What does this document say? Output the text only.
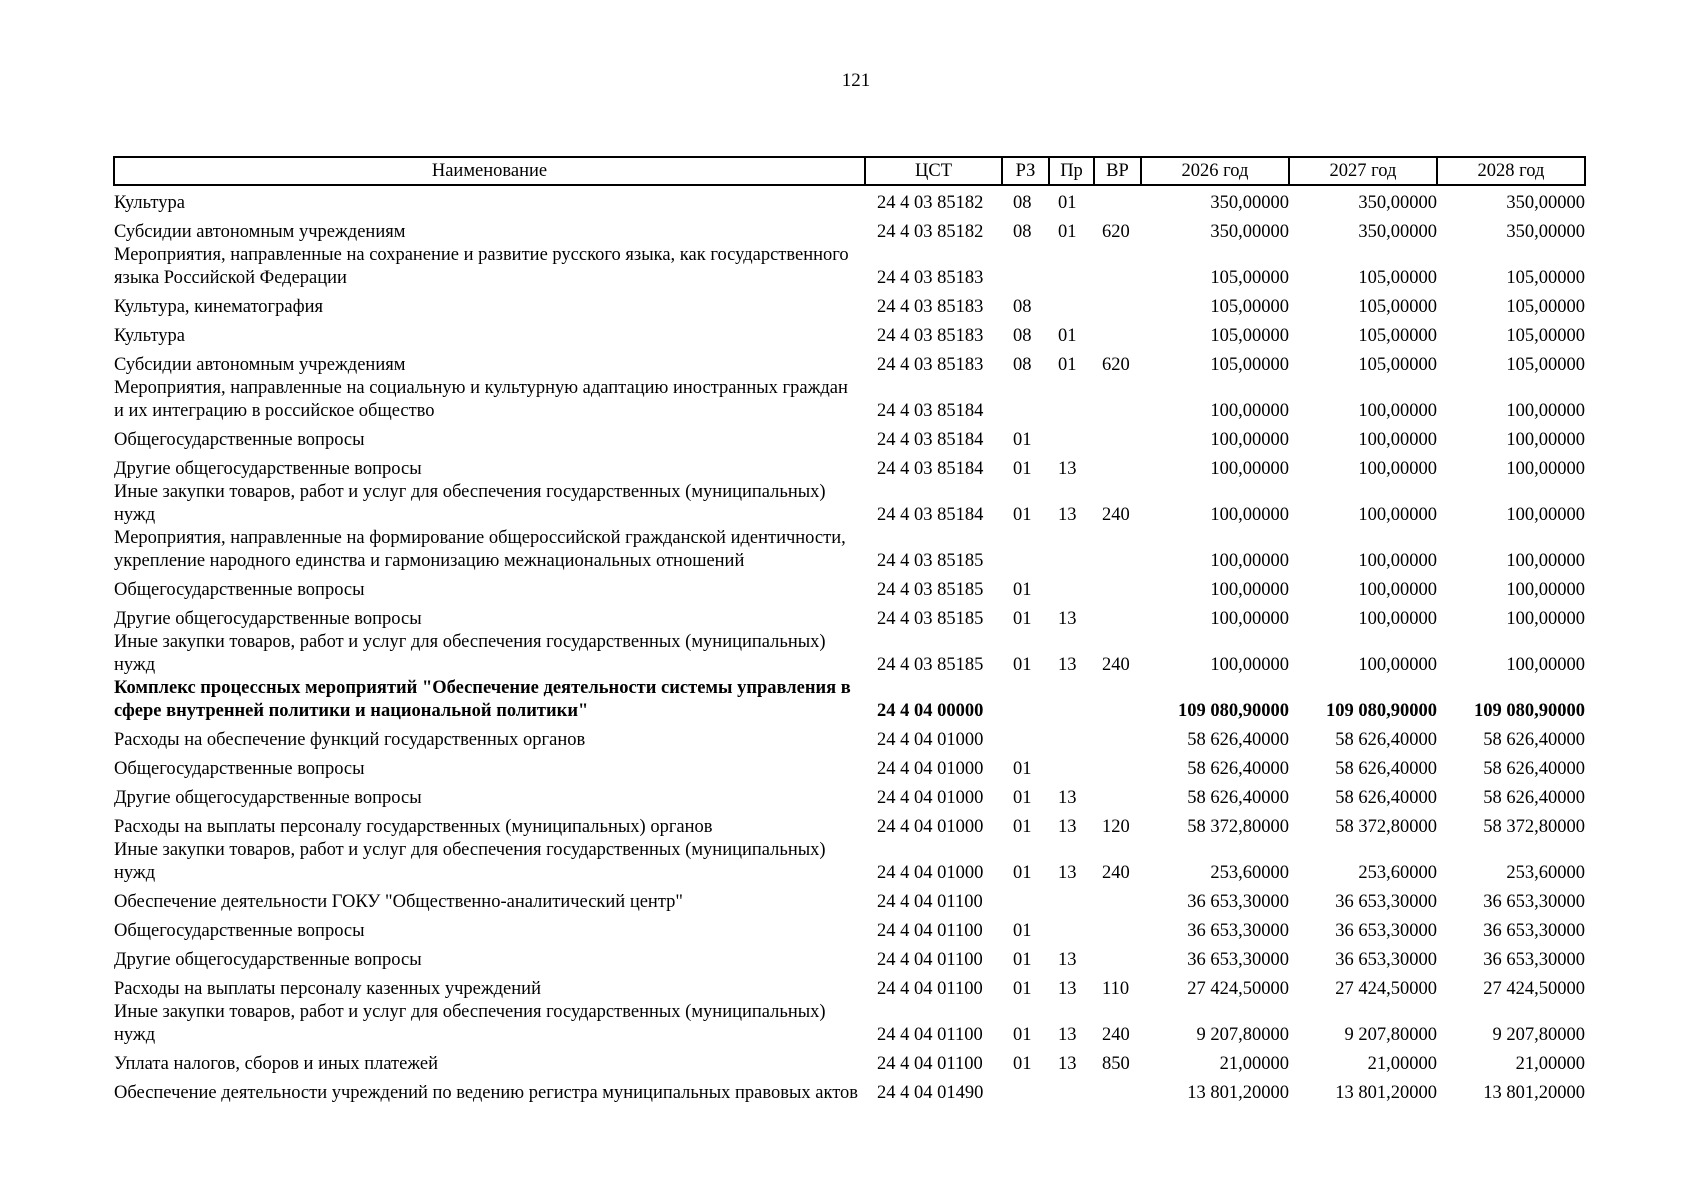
121
Наименование	ЦСТ	РЗ	Пр	ВР	2026 год	2027 год	2028 год
Культура	24 4 03 85182	08	01		350,00000	350,00000	350,00000
Субсидии автономным учреждениям	24 4 03 85182	08	01	620	350,00000	350,00000	350,00000
Мероприятия, направленные на сохранение и развитие русского языка, как государственного языка Российской Федерации	24 4 03 85183				105,00000	105,00000	105,00000
Культура, кинематография	24 4 03 85183	08			105,00000	105,00000	105,00000
Культура	24 4 03 85183	08	01		105,00000	105,00000	105,00000
Субсидии автономным учреждениям	24 4 03 85183	08	01	620	105,00000	105,00000	105,00000
Мероприятия, направленные на социальную и культурную адаптацию иностранных граждан и их интеграцию в российское общество	24 4 03 85184				100,00000	100,00000	100,00000
Общегосударственные вопросы	24 4 03 85184	01			100,00000	100,00000	100,00000
Другие общегосударственные вопросы	24 4 03 85184	01	13		100,00000	100,00000	100,00000
Иные закупки товаров, работ и услуг для обеспечения государственных (муниципальных) нужд	24 4 03 85184	01	13	240	100,00000	100,00000	100,00000
Мероприятия, направленные на формирование общероссийской гражданской идентичности, укрепление народного единства и гармонизацию межнациональных отношений	24 4 03 85185				100,00000	100,00000	100,00000
Общегосударственные вопросы	24 4 03 85185	01			100,00000	100,00000	100,00000
Другие общегосударственные вопросы	24 4 03 85185	01	13		100,00000	100,00000	100,00000
Иные закупки товаров, работ и услуг для обеспечения государственных (муниципальных) нужд	24 4 03 85185	01	13	240	100,00000	100,00000	100,00000
Комплекс процессных мероприятий "Обеспечение деятельности системы управления в сфере внутренней политики и национальной политики"	24 4 04 00000				109 080,90000	109 080,90000	109 080,90000
Расходы на обеспечение функций государственных органов	24 4 04 01000				58 626,40000	58 626,40000	58 626,40000
Общегосударственные вопросы	24 4 04 01000	01			58 626,40000	58 626,40000	58 626,40000
Другие общегосударственные вопросы	24 4 04 01000	01	13		58 626,40000	58 626,40000	58 626,40000
Расходы на выплаты персоналу государственных (муниципальных) органов	24 4 04 01000	01	13	120	58 372,80000	58 372,80000	58 372,80000
Иные закупки товаров, работ и услуг для обеспечения государственных (муниципальных) нужд	24 4 04 01000	01	13	240	253,60000	253,60000	253,60000
Обеспечение деятельности ГОКУ "Общественно-аналитический центр"	24 4 04 01100				36 653,30000	36 653,30000	36 653,30000
Общегосударственные вопросы	24 4 04 01100	01			36 653,30000	36 653,30000	36 653,30000
Другие общегосударственные вопросы	24 4 04 01100	01	13		36 653,30000	36 653,30000	36 653,30000
Расходы на выплаты персоналу казенных учреждений	24 4 04 01100	01	13	110	27 424,50000	27 424,50000	27 424,50000
Иные закупки товаров, работ и услуг для обеспечения государственных (муниципальных) нужд	24 4 04 01100	01	13	240	9 207,80000	9 207,80000	9 207,80000
Уплата налогов, сборов и иных платежей	24 4 04 01100	01	13	850	21,00000	21,00000	21,00000
Обеспечение деятельности учреждений по ведению регистра муниципальных правовых актов	24 4 04 01490				13 801,20000	13 801,20000	13 801,20000
